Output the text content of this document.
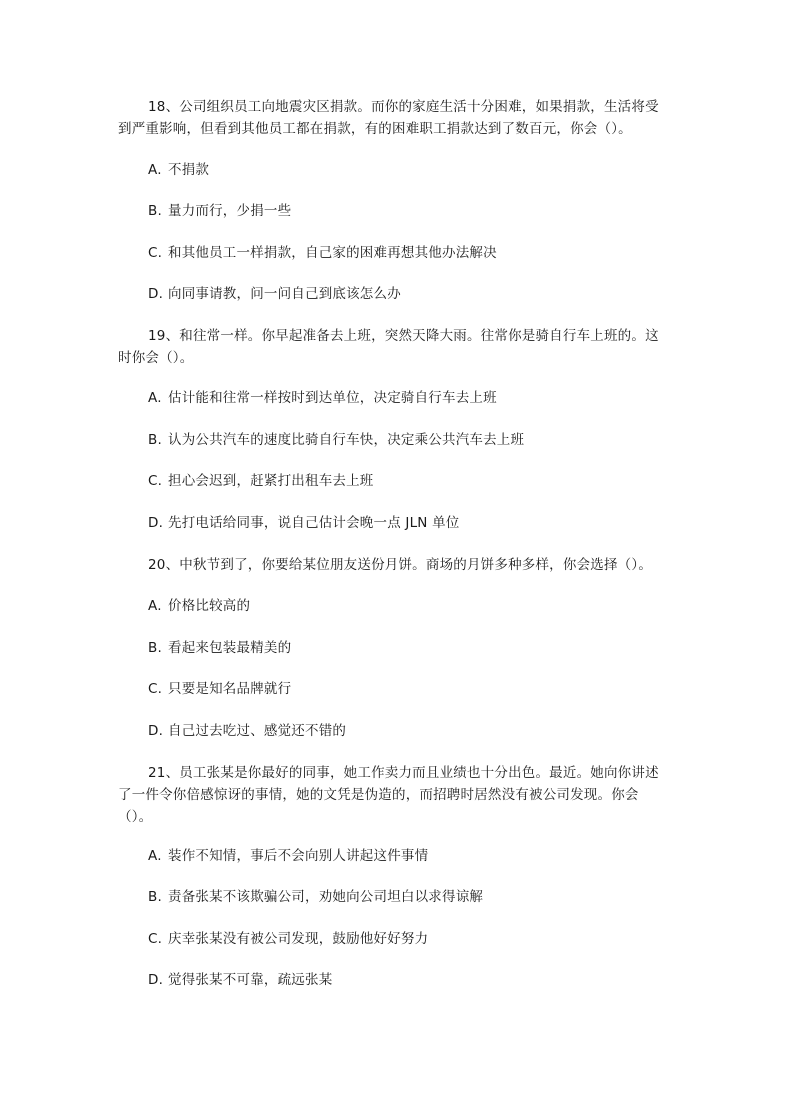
18、公司组织员工向地震灾区捐款。而你的家庭生活十分困难，如果捐款，生活将受到严重影响，但看到其他员工都在捐款，有的困难职工捐款达到了数百元，你会（）。

A. 不捐款

B. 量力而行，少捐一些

C. 和其他员工一样捐款，自己家的困难再想其他办法解决

D. 向同事请教，问一问自己到底该怎么办

19、和往常一样。你早起准备去上班，突然天降大雨。往常你是骑自行车上班的。这时你会（）。

A. 估计能和往常一样按时到达单位，决定骑自行车去上班

B. 认为公共汽车的速度比骑自行车快，决定乘公共汽车去上班

C. 担心会迟到，赶紧打出租车去上班

D. 先打电话给同事，说自己估计会晚一点 JLN 单位

20、中秋节到了，你要给某位朋友送份月饼。商场的月饼多种多样，你会选择（）。

A. 价格比较高的

B. 看起来包装最精美的

C. 只要是知名品牌就行

D. 自己过去吃过、感觉还不错的

21、员工张某是你最好的同事，她工作卖力而且业绩也十分出色。最近。她向你讲述了一件令你倍感惊讶的事情，她的文凭是伪造的，而招聘时居然没有被公司发现。你会（）。

A. 装作不知情，事后不会向别人讲起这件事情

B. 责备张某不该欺骗公司，劝她向公司坦白以求得谅解

C. 庆幸张某没有被公司发现，鼓励他好好努力

D. 觉得张某不可靠，疏远张某
